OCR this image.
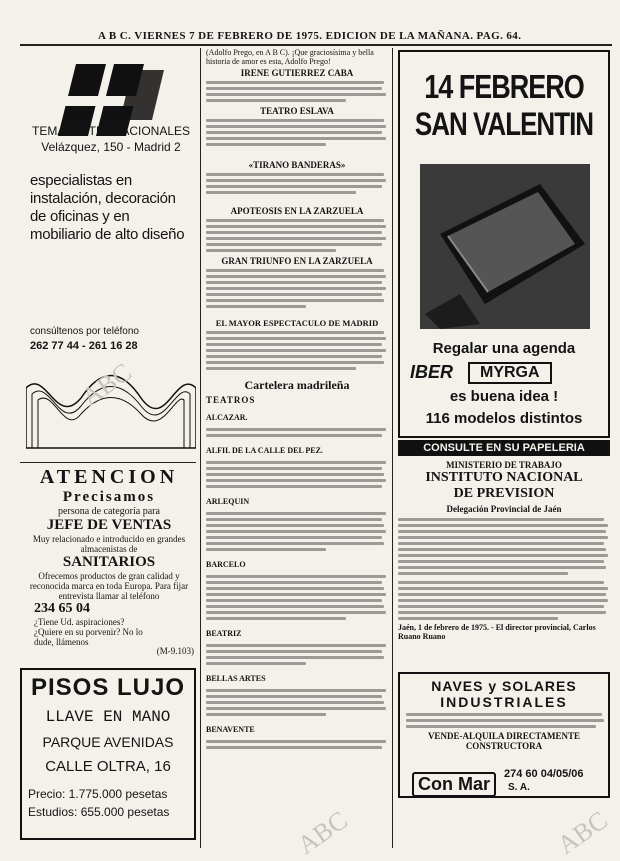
A B C. VIERNES 7 DE FEBRERO DE 1975. EDICION DE LA MAÑANA. PAG. 64.
TEMAS INTERNACIONALES
Velázquez, 150 - Madrid 2
especialistas en instalación, decoración de oficinas y en mobiliario de alto diseño
consúltenos por teléfono
262 77 44 - 261 16 28
ATENCION
Precisamos
persona de categoría para
JEFE DE VENTAS
Muy relacionado e introducido en grandes almacenistas de
SANITARIOS
Ofrecemos productos de gran calidad y reconocida marca en toda Europa. Para fijar entrevista llamar al teléfono
234 65 04
¿Tiene Ud. aspiraciones? ¿Quiere en su porvenir? No lo dude, llámenos
(M-9.103)
PISOS LUJO
LLAVE EN MANO
PARQUE AVENIDAS
CALLE OLTRA, 16
Precio: 1.775.000 pesetas
Estudios: 655.000 pesetas
(Adolfo Prego, en A B C). ¡Que graciosísima y bella historia de amor es esta, Adolfo Prego!
IRENE GUTIERREZ CABA
TEATRO ESLAVA
«TIRANO BANDERAS»
APOTEOSIS EN LA ZARZUELA
GRAN TRIUNFO EN LA ZARZUELA
EL MAYOR ESPECTACULO DE MADRID
Cartelera madrileña
TEATROS
ALCAZAR.
ALFIL DE LA CALLE DEL PEZ.
ARLEQUIN
BARCELO
BEATRIZ
BELLAS ARTES
BENAVENTE
14 FEBRERO
SAN VALENTIN
Regalar una agenda
IBER	MYRGA
es buena idea !
116 modelos distintos
CONSULTE EN SU PAPELERIA
MINISTERIO DE TRABAJO
INSTITUTO NACIONAL
DE PREVISION
Delegación Provincial de Jaén
Jaén, 1 de febrero de 1975. - El director provincial, Carlos Ruano Ruano
NAVES y SOLARES
INDUSTRIALES
VENDE-ALQUILA DIRECTAMENTE CONSTRUCTORA
Con Mar	274 60 04/05/06
S. A.
ABC
ABC	ABC
